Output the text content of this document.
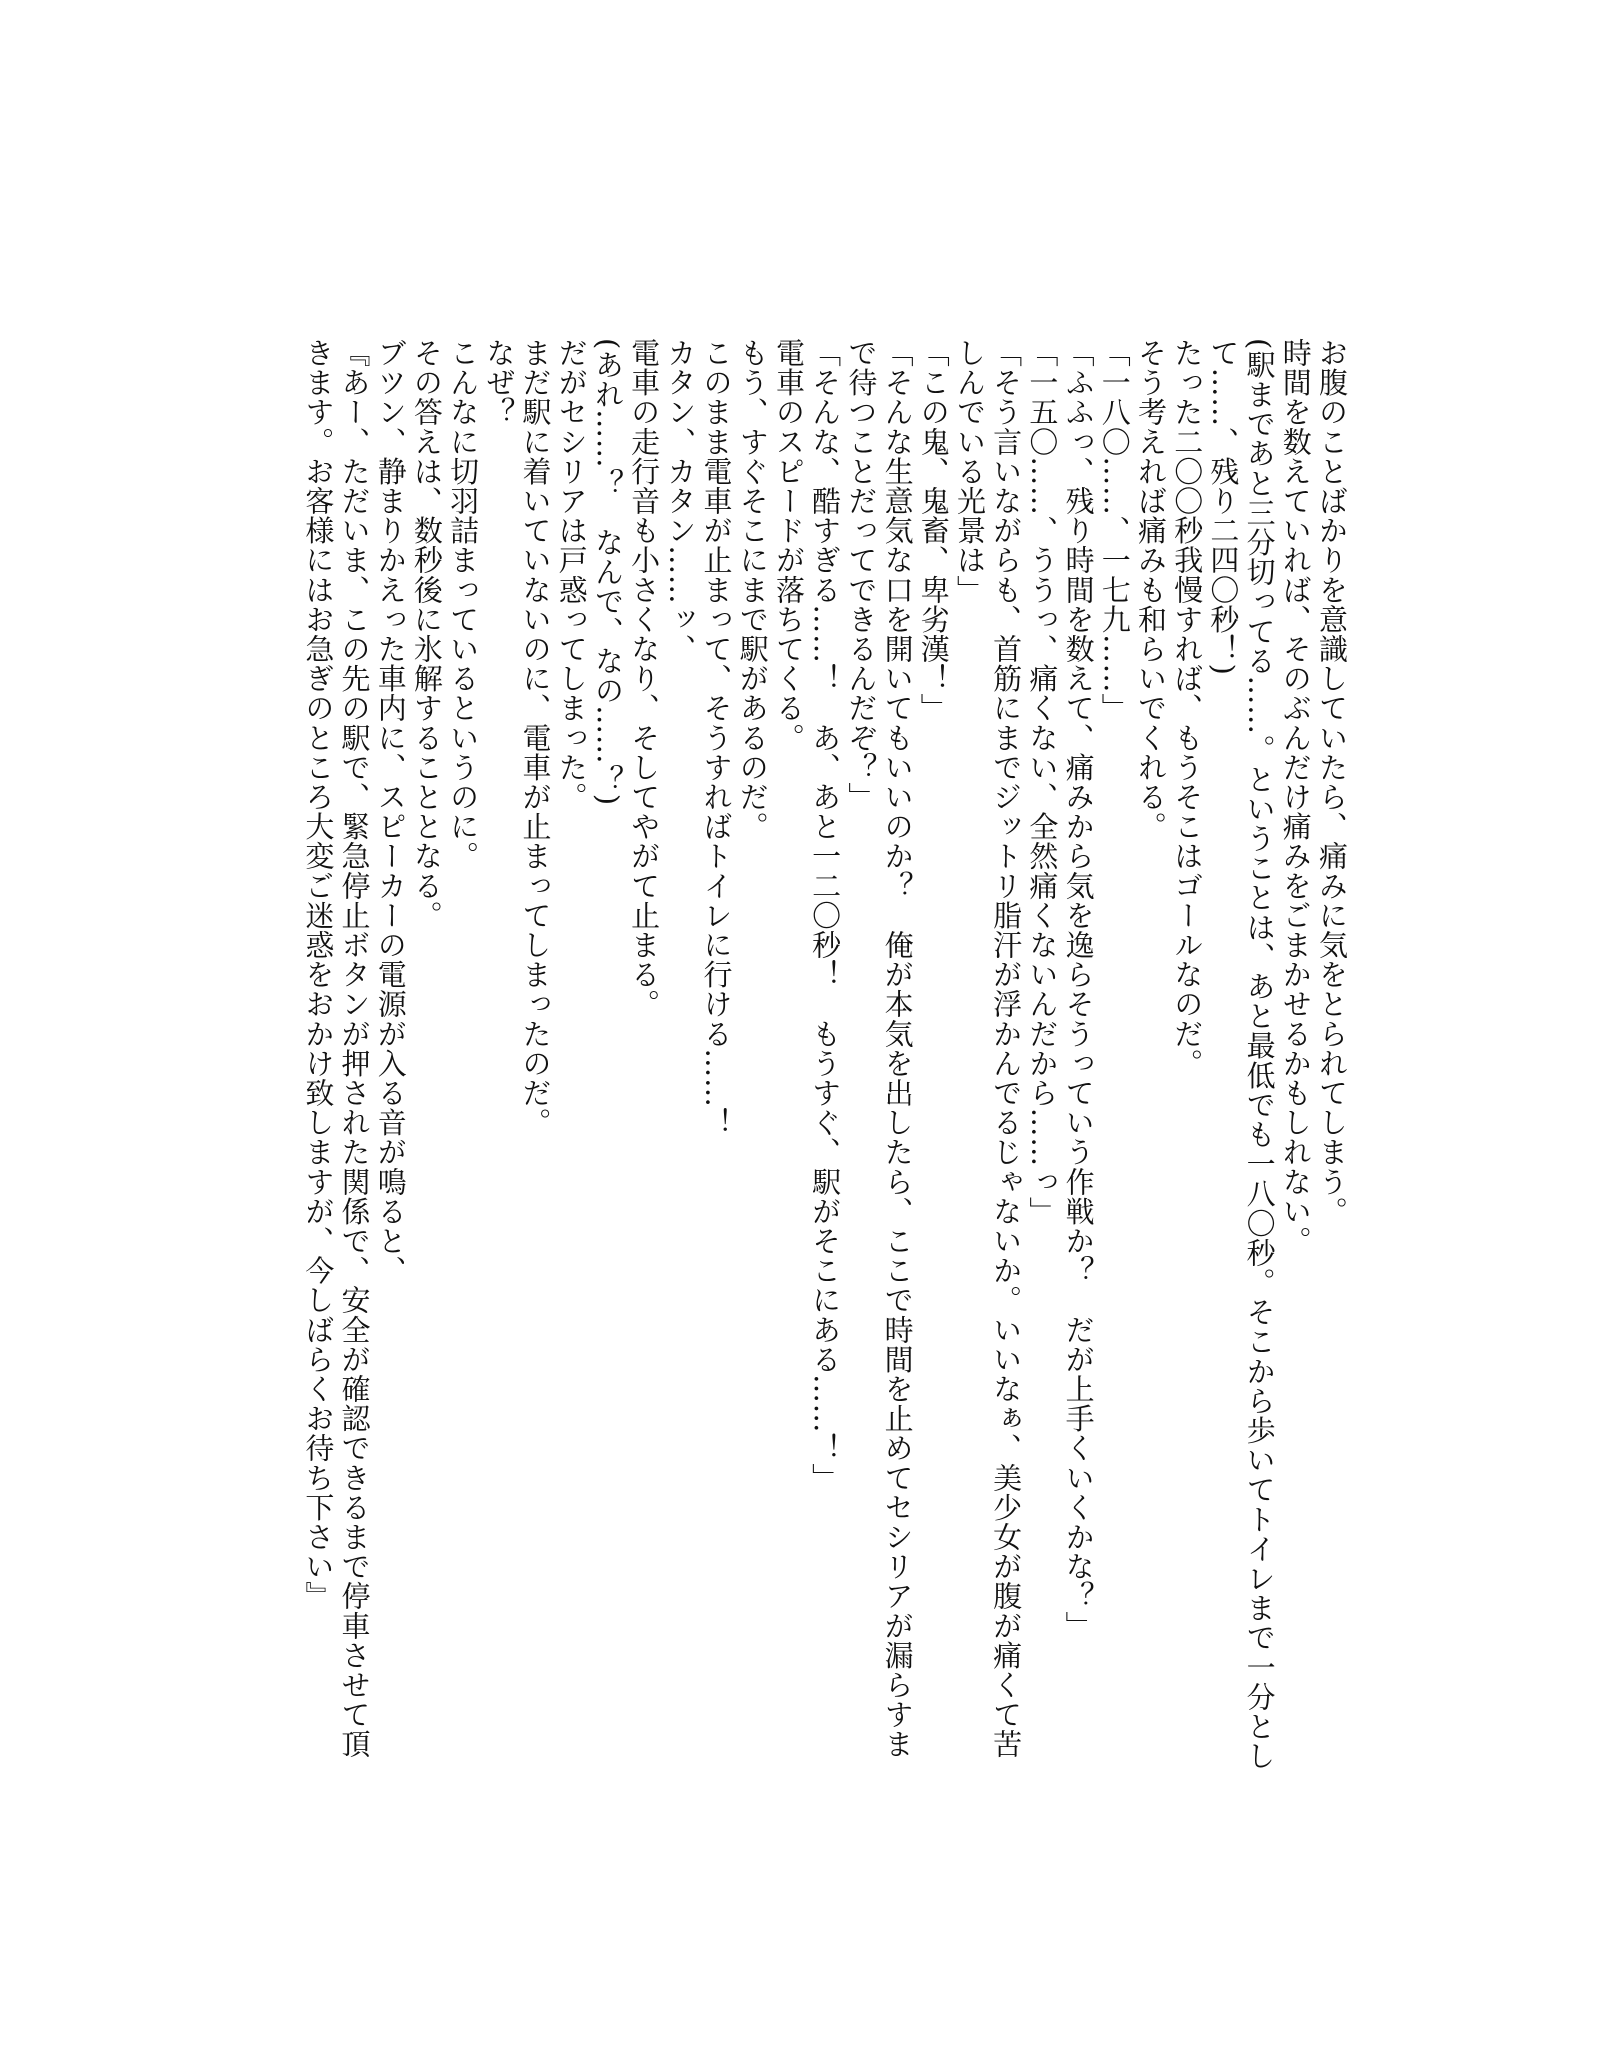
お腹のことばかりを意識していたら、痛みに気をとられてしまう。

時間を数えていれば、そのぶんだけ痛みをごまかせるかもしれない。

(駅まであと三分切ってる……。ということは、あと最低でも一八〇秒。そこから歩いてトイレまで一分として……、残り二四〇秒！)

たった二〇〇秒我慢すれば、もうそこはゴールなのだ。

そう考えれば痛みも和らいでくれる。

「一八〇……、一七九……」

「ふふっ、残り時間を数えて、痛みから気を逸らそうっていう作戦か？　だが上手くいくかな？」

「一五〇……、ううっ、痛くない、全然痛くないんだから……っ」

「そう言いながらも、首筋にまでジットリ脂汗が浮かんでるじゃないか。いいなぁ、美少女が腹が痛くて苦しんでいる光景は」

「この鬼、鬼畜、卑劣漢！」

「そんな生意気な口を開いてもいいのか？　俺が本気を出したら、ここで時間を止めてセシリアが漏らすまで待つことだってできるんだぞ？」

「そんな、酷すぎる……！　あ、あと一二〇秒！　もうすぐ、駅がそこにある……！」

電車のスピードが落ちてくる。

もう、すぐそこにまで駅があるのだ。

このまま電車が止まって、そうすればトイレに行ける……！

カタン、カタン……ッ、

電車の走行音も小さくなり、そしてやがて止まる。

(あれ……？　なんで、なの……？)

だがセシリアは戸惑ってしまった。

まだ駅に着いていないのに、電車が止まってしまったのだ。

なぜ？

こんなに切羽詰まっているというのに。

その答えは、数秒後に氷解することとなる。

ブツン、静まりかえった車内に、スピーカーの電源が入る音が鳴ると、

『あー、ただいま、この先の駅で、緊急停止ボタンが押された関係で、安全が確認できるまで停車させて頂きます。お客様にはお急ぎのところ大変ご迷惑をおかけ致しますが、今しばらくお待ち下さい』
